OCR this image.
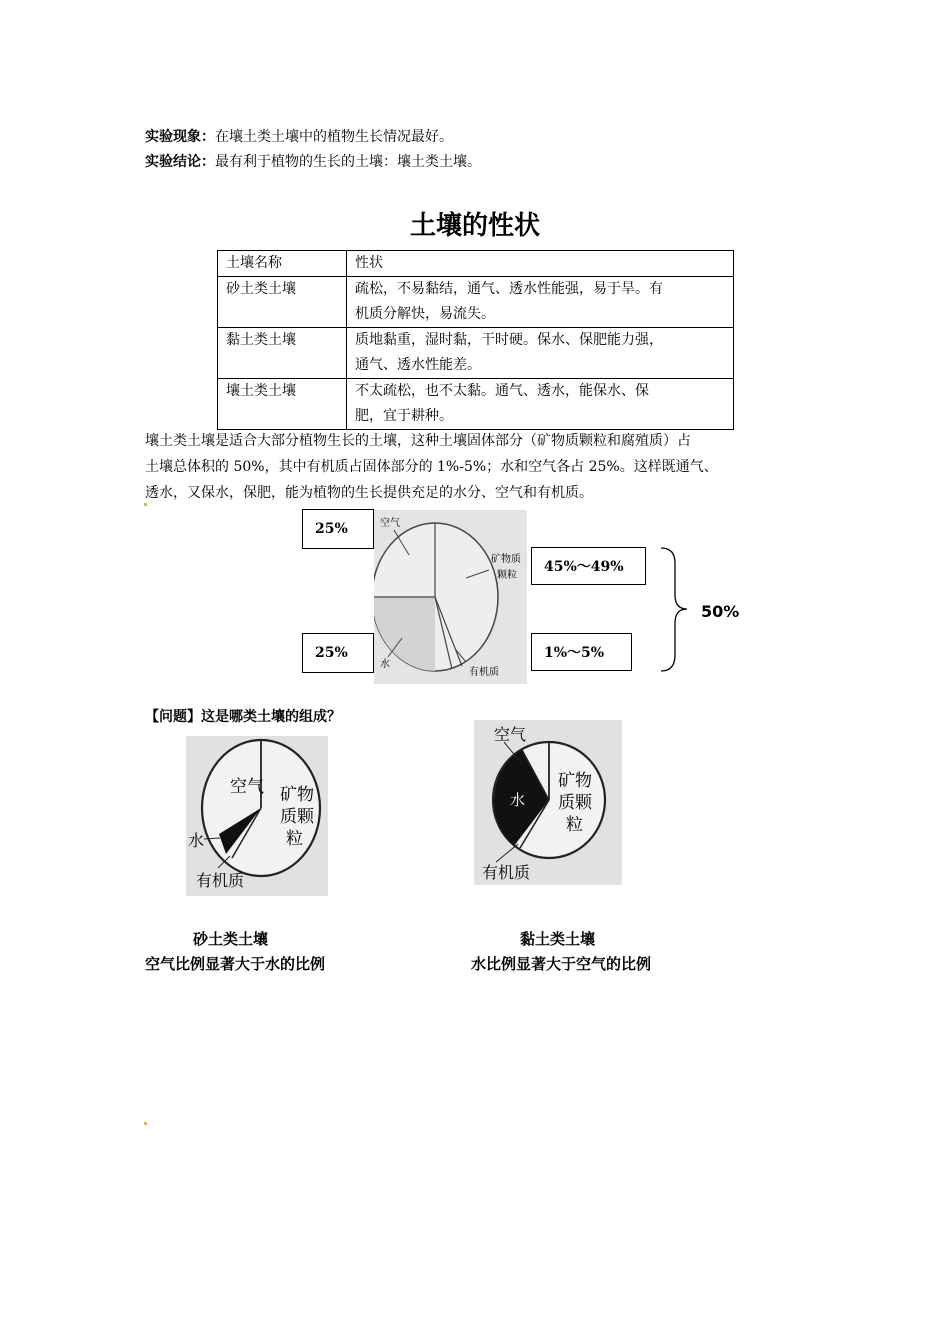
实验现象：在壤土类土壤中的植物生长情况最好。
实验结论：最有利于植物的生长的土壤：壤土类土壤。
土壤的性状
土壤名称	性状
砂土类土壤	疏松，不易黏结，通气、透水性能强，易于旱。有
机质分解快，易流失。
黏土类土壤	质地黏重，湿时黏，干时硬。保水、保肥能力强，
通气、透水性能差。
壤土类土壤	不太疏松，也不太黏。通气、透水，能保水、保
肥，宜于耕种。
壤土类土壤是适合大部分植物生长的土壤，这种土壤固体部分（矿物质颗粒和腐殖质）占
土壤总体积的 50%，其中有机质占固体部分的 1%-5%；水和空气各占 25%。这样既通气、
透水，又保水，保肥，能为植物的生长提供充足的水分、空气和有机质。
空气
矿物质
颗粒
水
有机质
25%
25%
45%～49%
1%～5%
50%
【问题】这是哪类土壤的组成？
空气 矿物
质颗
粒
水
有机质
空气
矿物
质颗
粒
水
有机质
砂土类土壤
空气比例显著大于水的比例
黏土类土壤
水比例显著大于空气的比例
